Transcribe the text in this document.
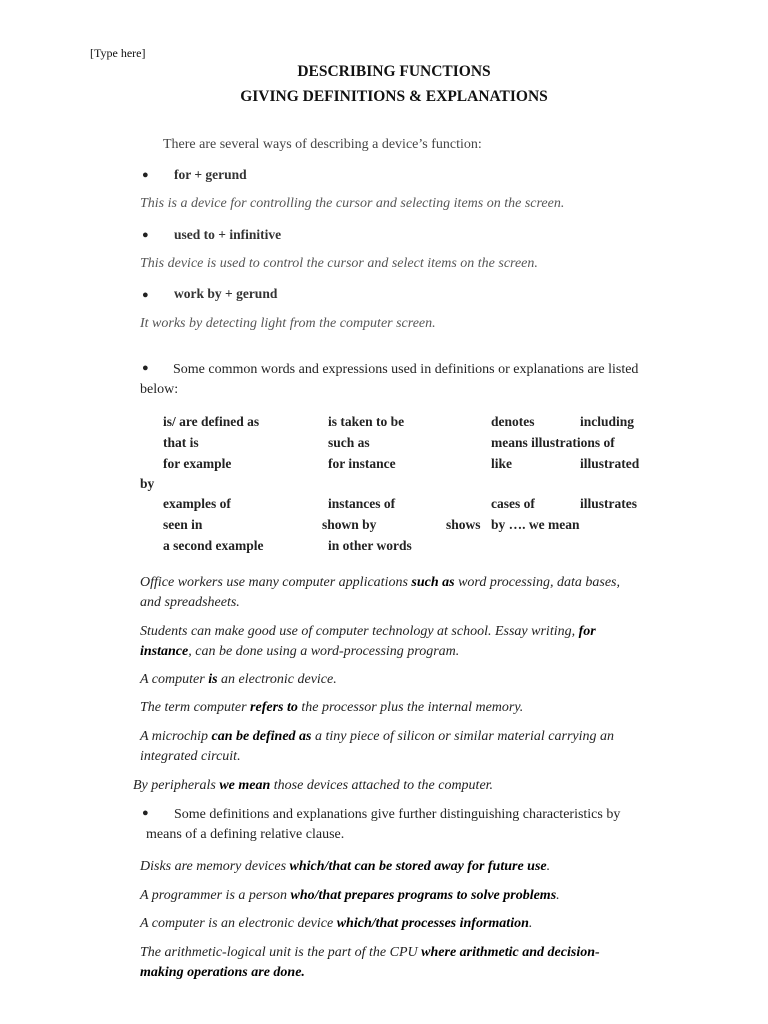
[Type here]
DESCRIBING FUNCTIONS
GIVING DEFINITIONS & EXPLANATIONS
There are several ways of describing a device’s function:
● for + gerund
This is a device for controlling the cursor and selecting items on the screen.
● used to + infinitive
This device is used to control the cursor and select items on the screen.
● work by + gerund
It works by detecting light from the computer screen.
●	Some common words and expressions used in definitions or explanations are listed below:
is/ are defined as
that is
for example
examples of
seen in
a second example
is taken to be
such as
for instance
instances of
shown by
in other words
denotes
means illustrations of
like
cases of
shows by …. we mean
including
illustrated
by
illustrates
Office workers use many computer applications such as word processing, data bases, and spreadsheets.
Students can make good use of computer technology at school. Essay writing, for instance, can be done using a word-processing program.
A computer is an electronic device.
The term computer refers to the processor plus the internal memory.
A microchip can be defined as a tiny piece of silicon or similar material carrying an integrated circuit.
By peripherals we mean those devices attached to the computer.
●	Some definitions and explanations give further distinguishing characteristics by means of a defining relative clause.
Disks are memory devices which/that can be stored away for future use.
A programmer is a person who/that prepares programs to solve problems.
A computer is an electronic device which/that processes information.
The arithmetic-logical unit is the part of the CPU where arithmetic and decision-making operations are done.
